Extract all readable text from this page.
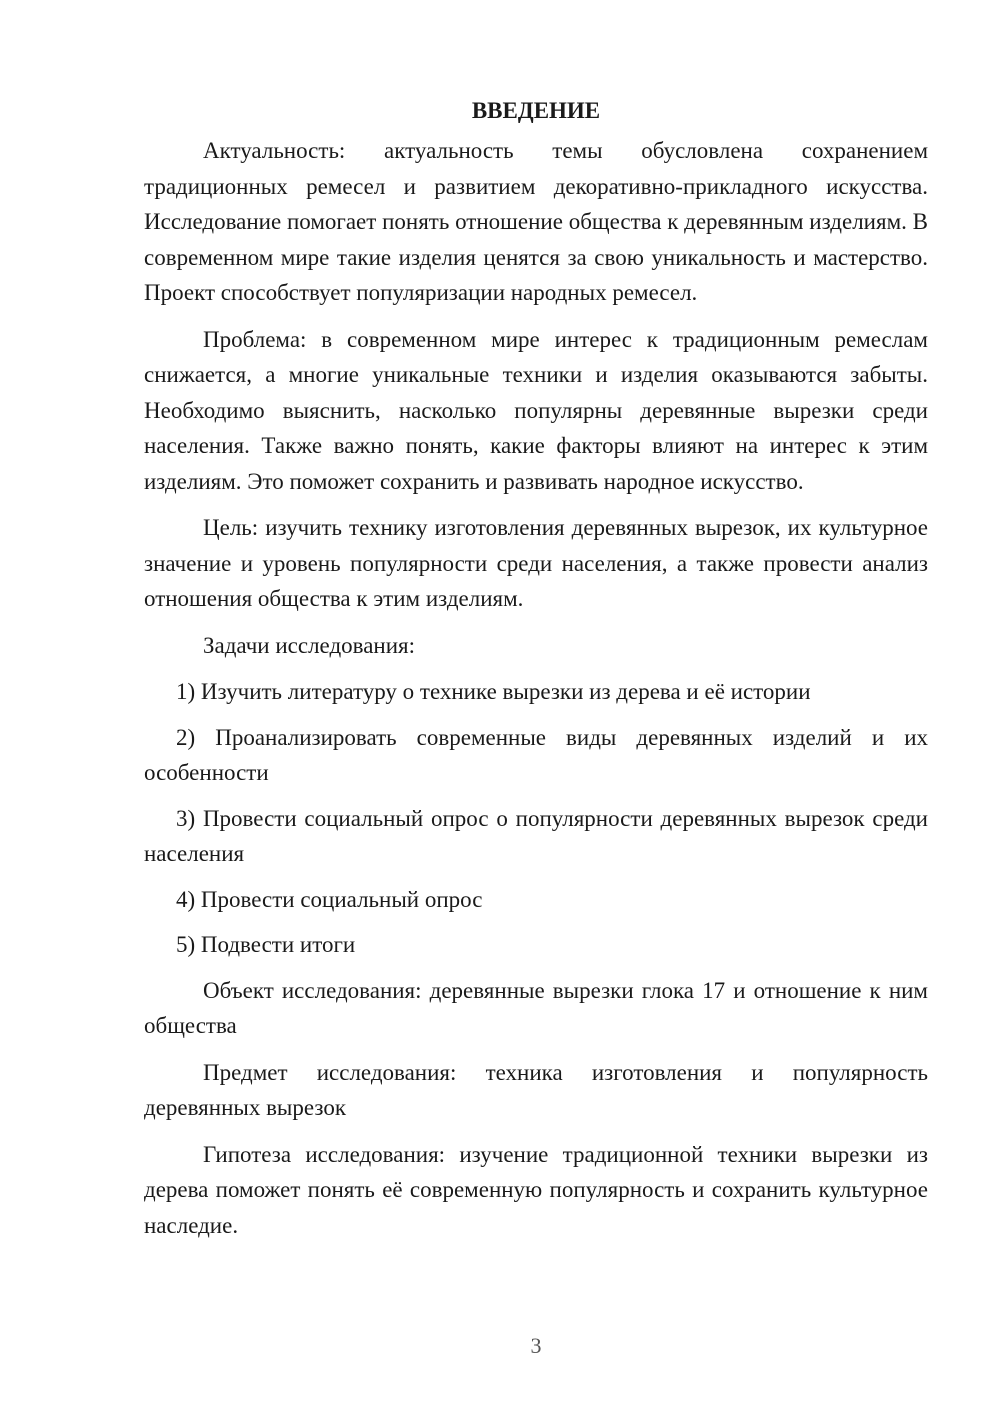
ВВЕДЕНИЕ

Актуальность: актуальность темы обусловлена сохранением традиционных ремесел и развитием декоративно-прикладного искусства. Исследование помогает понять отношение общества к деревянным изделиям. В современном мире такие изделия ценятся за свою уникальность и мастерство. Проект способствует популяризации народных ремесел.

Проблема: в современном мире интерес к традиционным ремеслам снижается, а многие уникальные техники и изделия оказываются забыты. Необходимо выяснить, насколько популярны деревянные вырезки среди населения. Также важно понять, какие факторы влияют на интерес к этим изделиям. Это поможет сохранить и развивать народное искусство.

Цель: изучить технику изготовления деревянных вырезок, их культурное значение и уровень популярности среди населения, а также провести анализ отношения общества к этим изделиям.

Задачи исследования:

1) Изучить литературу о технике вырезки из дерева и её истории

2) Проанализировать современные виды деревянных изделий и их особенности

3) Провести социальный опрос о популярности деревянных вырезок среди населения

4) Провести социальный опрос

5) Подвести итоги

Объект исследования: деревянные вырезки глока 17 и отношение к ним общества

Предмет исследования: техника изготовления и популярность деревянных вырезок

Гипотеза исследования: изучение традиционной техники вырезки из дерева поможет понять её современную популярность и сохранить культурное наследие.

3
